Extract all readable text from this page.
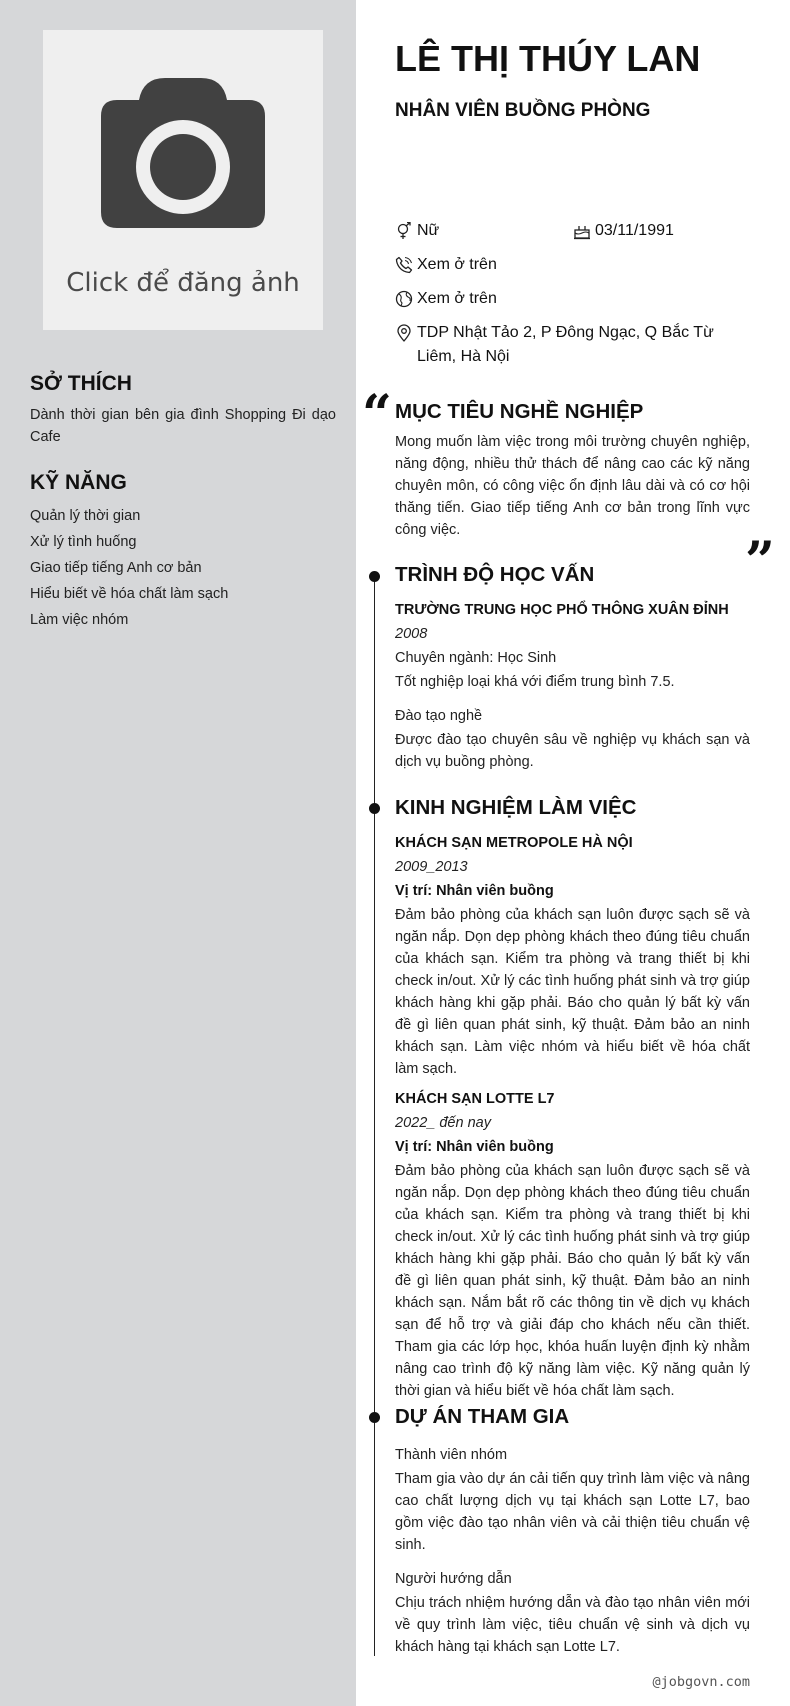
Click để đăng ảnh
SỞ THÍCH
Dành thời gian bên gia đình Shopping Đi dạo Cafe
KỸ NĂNG
Quản lý thời gian
Xử lý tình huống
Giao tiếp tiếng Anh cơ bản
Hiểu biết về hóa chất làm sạch
Làm việc nhóm
LÊ THỊ THÚY LAN
NHÂN VIÊN BUỒNG PHÒNG
Nữ	03/11/1991
Xem ở trên
Xem ở trên
TDP Nhật Tảo 2, P Đông Ngạc, Q Bắc Từ Liêm, Hà Nội
“
”
MỤC TIÊU NGHỀ NGHIỆP

Mong muốn làm việc trong môi trường chuyên nghiệp, năng động, nhiều thử thách để nâng cao các kỹ năng chuyên môn, có công việc ổn định lâu dài và có cơ hội thăng tiến. Giao tiếp tiếng Anh cơ bản trong lĩnh vực công việc.

TRÌNH ĐỘ HỌC VẤN

TRƯỜNG TRUNG HỌC PHỔ THÔNG XUÂN ĐỈNH

2008

Chuyên ngành: Học Sinh

Tốt nghiệp loại khá với điểm trung bình 7.5.

Đào tạo nghề

Được đào tạo chuyên sâu về nghiệp vụ khách sạn và dịch vụ buồng phòng.

KINH NGHIỆM LÀM VIỆC

KHÁCH SẠN METROPOLE HÀ NỘI

2009_2013

Vị trí: Nhân viên buồng

Đảm bảo phòng của khách sạn luôn được sạch sẽ và ngăn nắp. Dọn dẹp phòng khách theo đúng tiêu chuẩn của khách sạn. Kiểm tra phòng và trang thiết bị khi check in/out. Xử lý các tình huống phát sinh và trợ giúp khách hàng khi gặp phải. Báo cho quản lý bất kỳ vấn đề gì liên quan phát sinh, kỹ thuật. Đảm bảo an ninh khách sạn. Làm việc nhóm và hiểu biết về hóa chất làm sạch.

KHÁCH SẠN LOTTE L7

2022_ đến nay

Vị trí: Nhân viên buồng

Đảm bảo phòng của khách sạn luôn được sạch sẽ và ngăn nắp. Dọn dẹp phòng khách theo đúng tiêu chuẩn của khách sạn. Kiểm tra phòng và trang thiết bị khi check in/out. Xử lý các tình huống phát sinh và trợ giúp khách hàng khi gặp phải. Báo cho quản lý bất kỳ vấn đề gì liên quan phát sinh, kỹ thuật. Đảm bảo an ninh khách sạn. Nắm bắt rõ các thông tin về dịch vụ khách sạn để hỗ trợ và giải đáp cho khách nếu cần thiết. Tham gia các lớp học, khóa huấn luyện định kỳ nhằm nâng cao trình độ kỹ năng làm việc. Kỹ năng quản lý thời gian và hiểu biết về hóa chất làm sạch.

DỰ ÁN THAM GIA

Thành viên nhóm

Tham gia vào dự án cải tiến quy trình làm việc và nâng cao chất lượng dịch vụ tại khách sạn Lotte L7, bao gồm việc đào tạo nhân viên và cải thiện tiêu chuẩn vệ sinh.

Người hướng dẫn

Chịu trách nhiệm hướng dẫn và đào tạo nhân viên mới về quy trình làm việc, tiêu chuẩn vệ sinh và dịch vụ khách hàng tại khách sạn Lotte L7.

@jobgovn.com
